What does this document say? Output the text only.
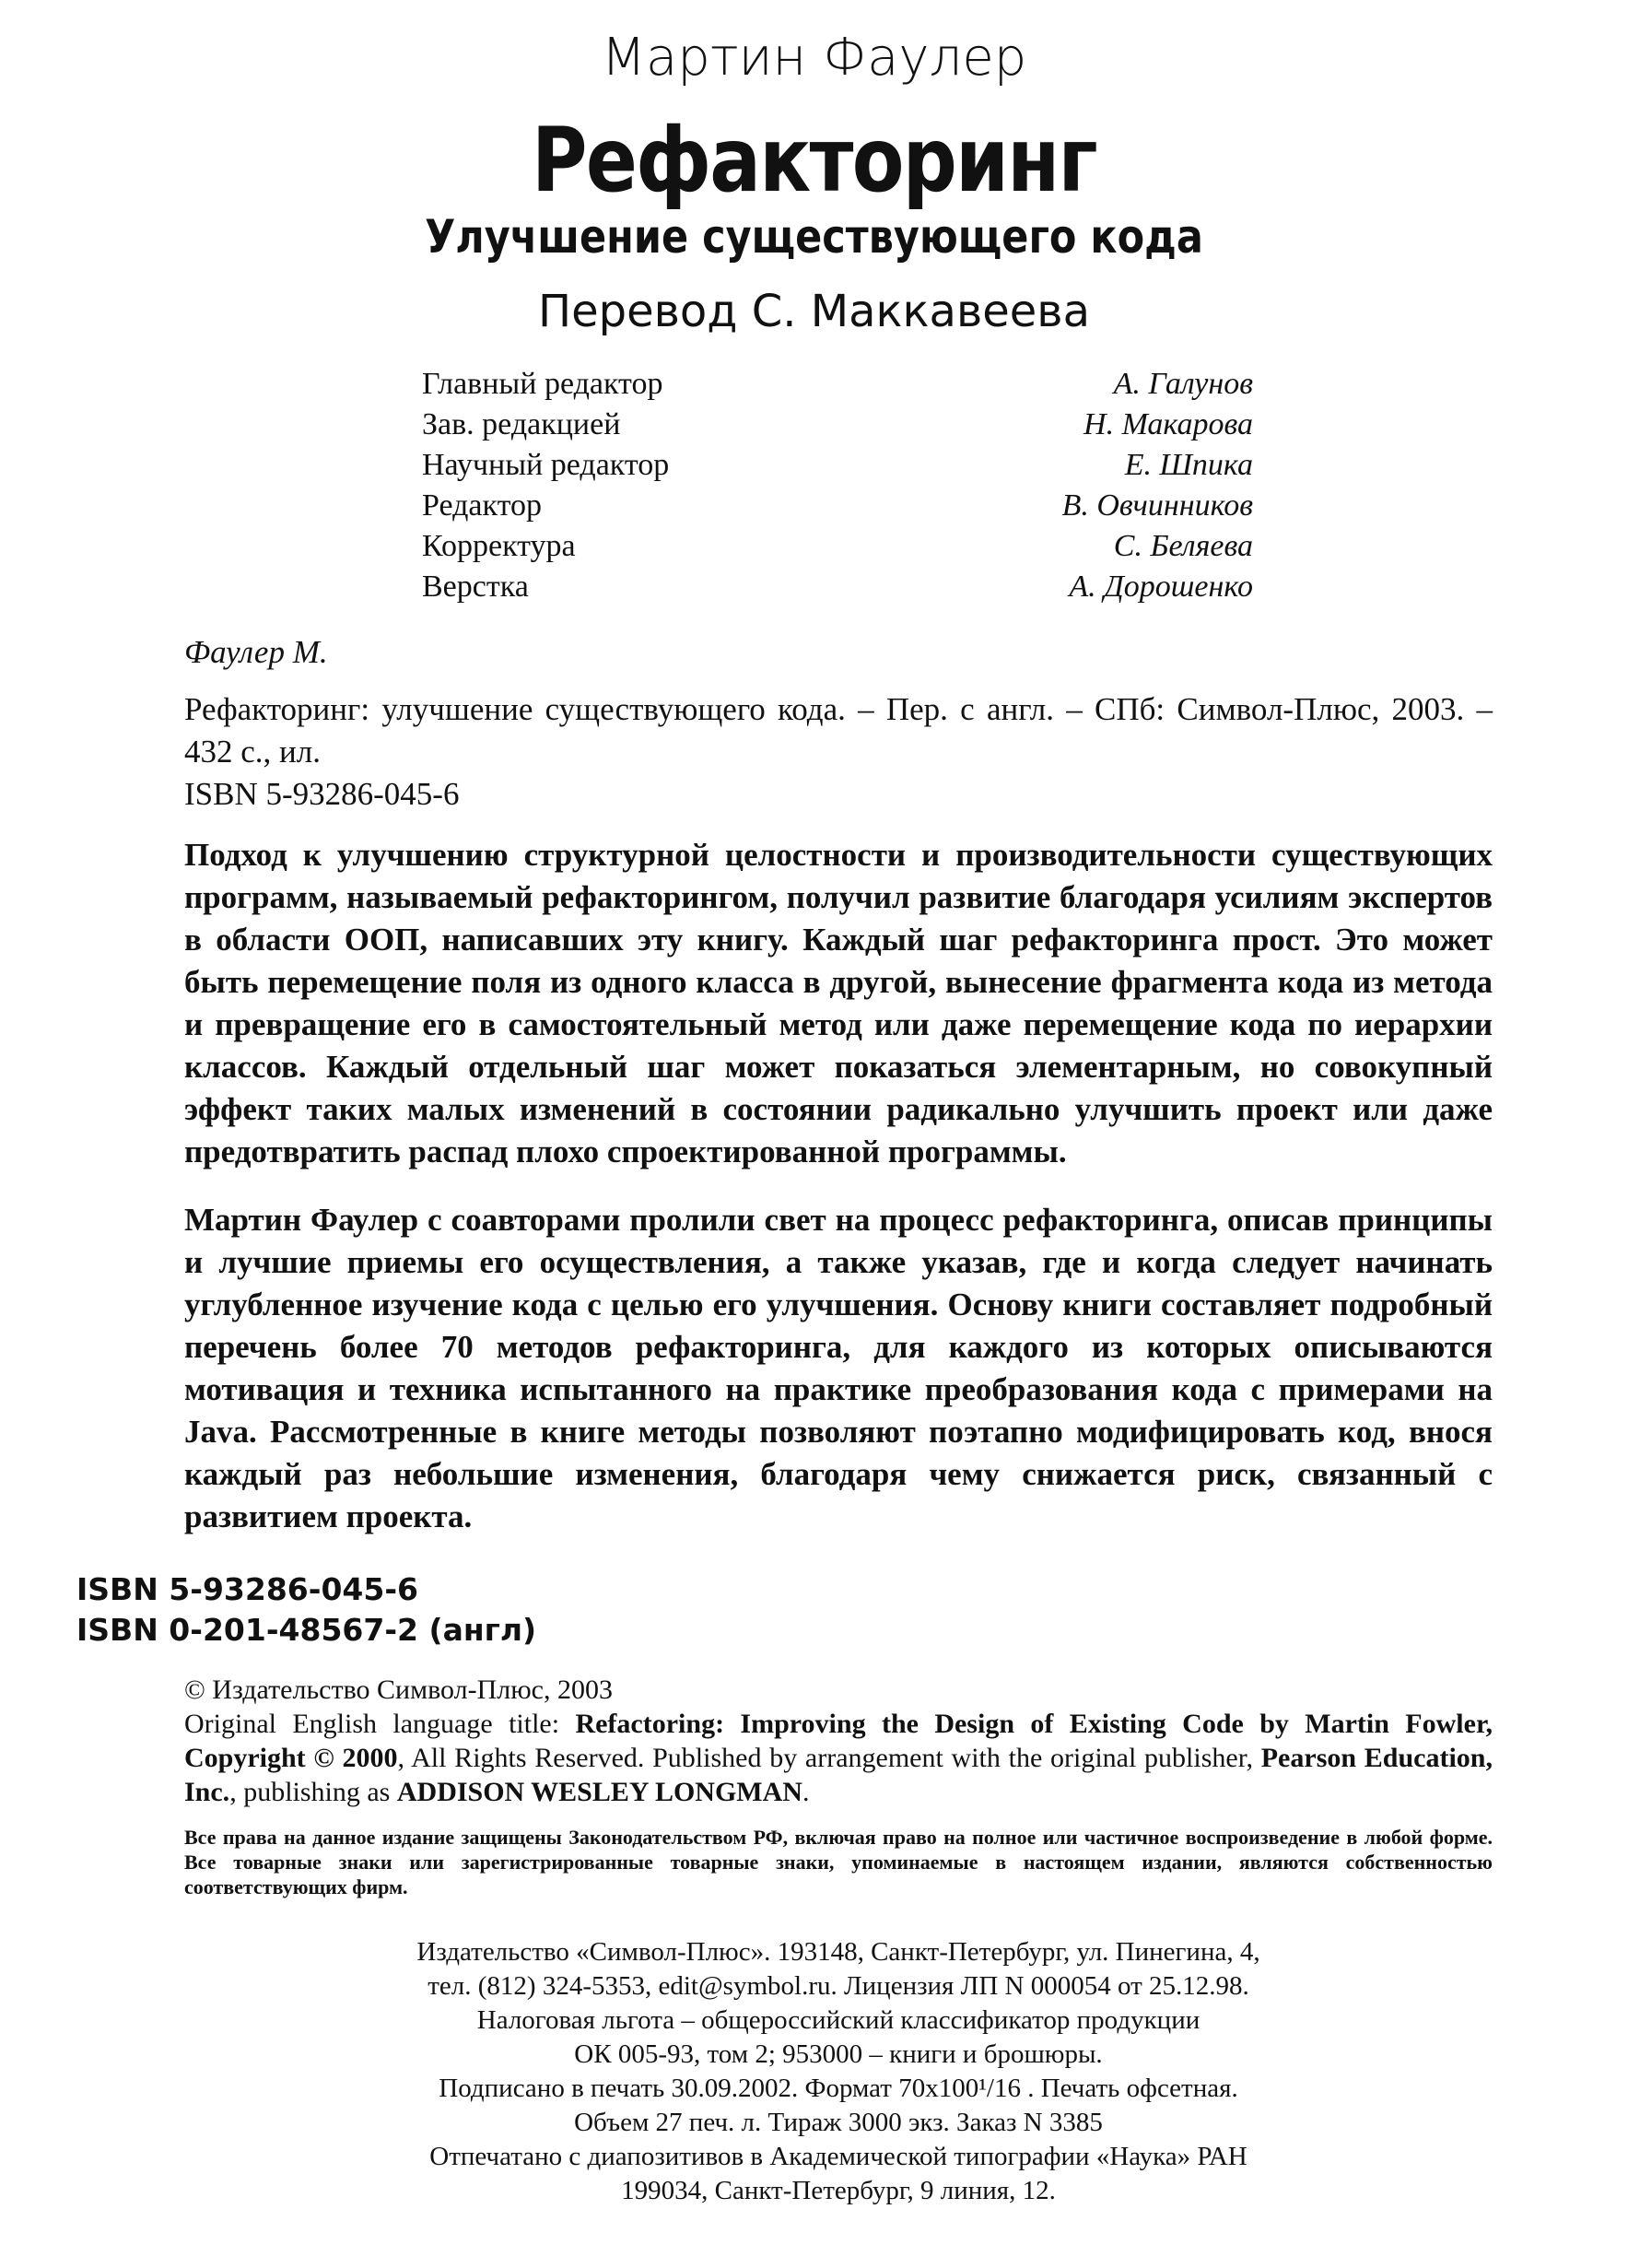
Мартин Фаулер
Рефакторинг
Улучшение существующего кода
Перевод С. Маккавеева
Главный редактор	А. Галунов
Зав. редакцией	Н. Макарова
Научный редактор	Е. Шпика
Редактор	В. Овчинников
Корректура	С. Беляева
Верстка	А. Дорошенко

Фаулер М.

Рефакторинг: улучшение существующего кода. – Пер. с англ. – СПб: Символ-Плюс, 2003. – 432 с., ил.

ISBN 5-93286-045-6

Подход к улучшению структурной целостности и производительности существующих программ, называемый рефакторингом, получил развитие благодаря усилиям экспертов в области ООП, написавших эту книгу. Каждый шаг рефакторинга прост. Это может быть перемещение поля из одного класса в другой, вынесение фрагмента кода из метода и превращение его в самостоятельный метод или даже перемещение кода по иерархии классов. Каждый отдельный шаг может показаться элементарным, но совокупный эффект таких малых изменений в состоянии радикально улучшить проект или даже предотвратить распад плохо спроектированной программы.

Мартин Фаулер с соавторами пролили свет на процесс рефакторинга, описав принципы и лучшие приемы его осуществления, а также указав, где и когда следует начинать углубленное изучение кода с целью его улучшения. Основу книги составляет подробный перечень более 70 методов рефакторинга, для каждого из которых описываются мотивация и техника испытанного на практике преобразования кода с примерами на Java. Рассмотренные в книге методы позволяют поэтапно модифицировать код, внося каждый раз небольшие изменения, благодаря чему снижается риск, связанный с развитием проекта.

ISBN 5-93286-045-6
ISBN 0-201-48567-2 (англ)

© Издательство Символ-Плюс, 2003

Original English language title: Refactoring: Improving the Design of Existing Code by Martin Fowler, Copyright © 2000, All Rights Reserved. Published by arrangement with the original publisher, Pearson Education, Inc., publishing as ADDISON WESLEY LONGMAN.

Все права на данное издание защищены Законодательством РФ, включая право на полное или частичное воспроизведение в любой форме. Все товарные знаки или зарегистрированные товарные знаки, упоминаемые в настоящем издании, являются собственностью соответствующих фирм.
Издательство «Символ-Плюс». 193148, Санкт-Петербург, ул. Пинегина, 4,
тел. (812) 324-5353, edit@symbol.ru. Лицензия ЛП N 000054 от 25.12.98.
Налоговая льгота – общероссийский классификатор продукции
ОК 005-93, том 2; 953000 – книги и брошюры.
Подписано в печать 30.09.2002. Формат 70х100¹/16 . Печать офсетная.
Объем 27 печ. л. Тираж 3000 экз. Заказ N 3385
Отпечатано с диапозитивов в Академической типографии «Наука» РАН
199034, Санкт-Петербург, 9 линия, 12.
